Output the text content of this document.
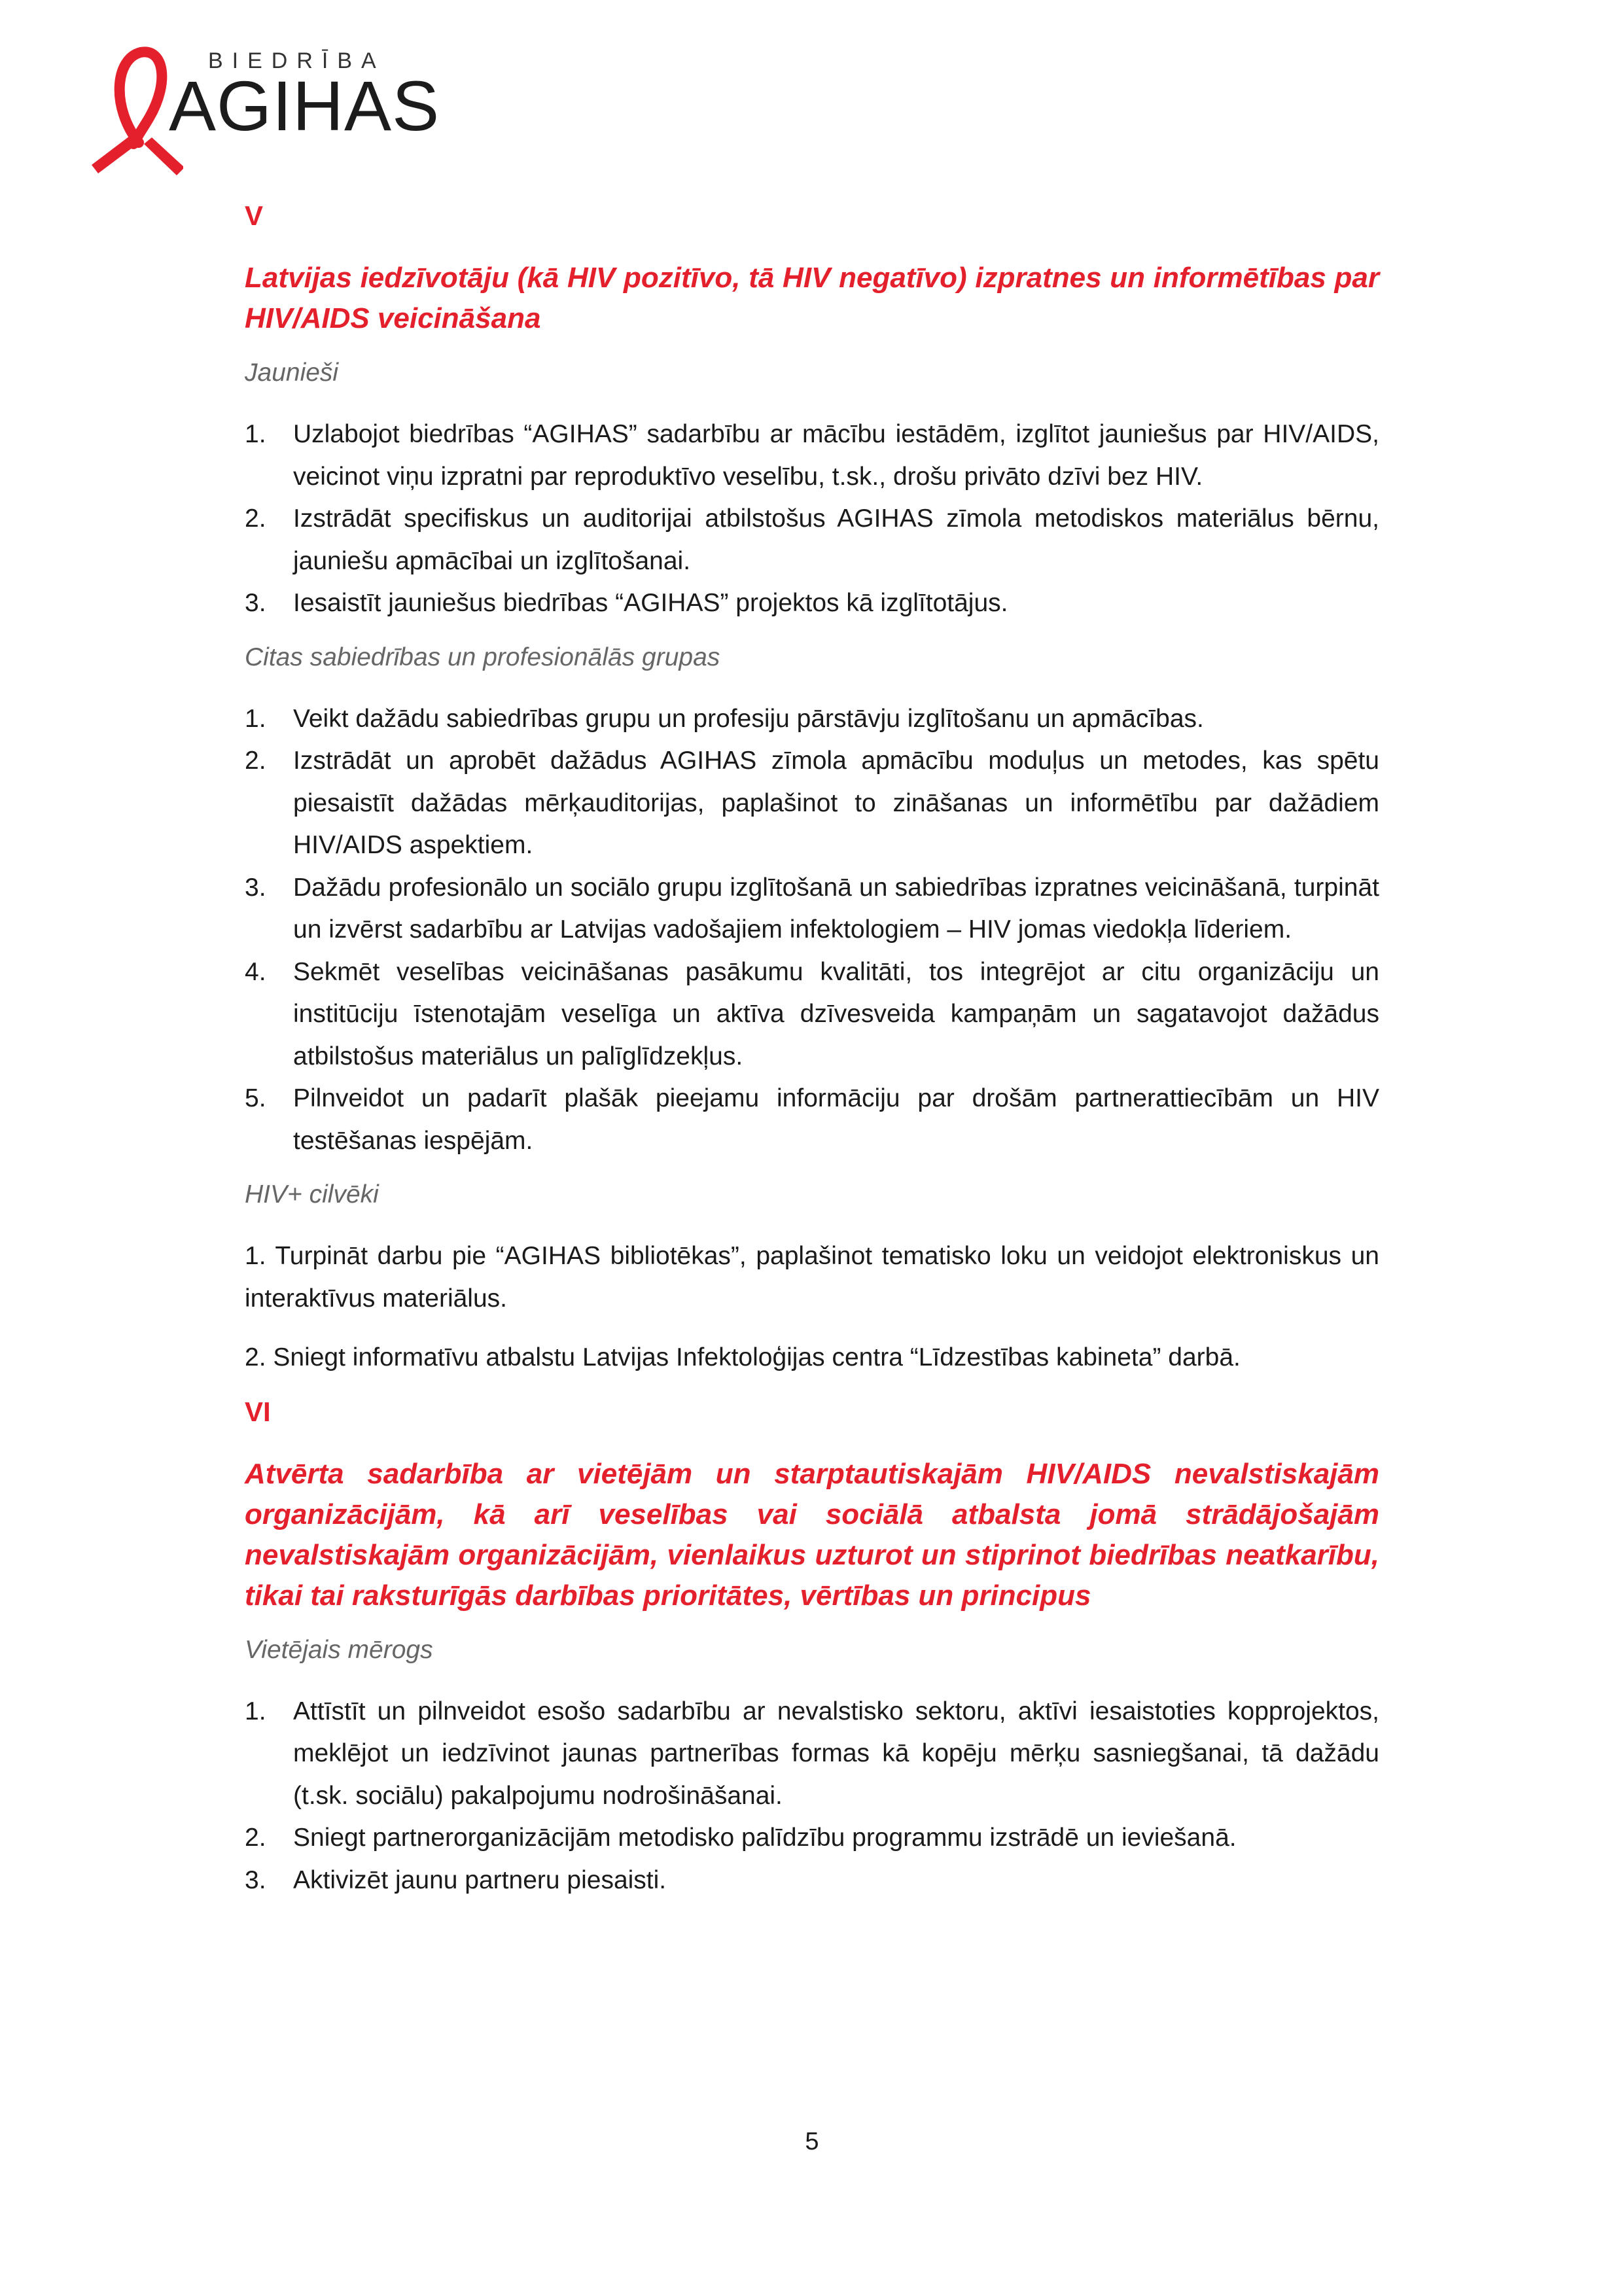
BIEDRĪBA
AGIHAS
V
Latvijas iedzīvotāju (kā HIV pozitīvo, tā HIV negatīvo) izpratnes un informētības par HIV/AIDS veicināšana
Jaunieši
1. Uzlabojot biedrības “AGIHAS” sadarbību ar mācību iestādēm, izglītot jauniešus par HIV/AIDS, veicinot viņu izpratni par reproduktīvo veselību, t.sk., drošu privāto dzīvi bez HIV.
2. Izstrādāt specifiskus un auditorijai atbilstošus AGIHAS zīmola metodiskos materiālus bērnu, jauniešu apmācībai un izglītošanai.
3. Iesaistīt jauniešus biedrības “AGIHAS” projektos kā izglītotājus.
Citas sabiedrības un profesionālās grupas
1. Veikt dažādu sabiedrības grupu un profesiju pārstāvju izglītošanu un apmācības.
2. Izstrādāt un aprobēt dažādus AGIHAS zīmola apmācību moduļus un metodes, kas spētu piesaistīt dažādas mērķauditorijas, paplašinot to zināšanas un informētību par dažādiem HIV/AIDS aspektiem.
3. Dažādu profesionālo un sociālo grupu izglītošanā un sabiedrības izpratnes veicināšanā, turpināt un izvērst sadarbību ar Latvijas vadošajiem infektologiem – HIV jomas viedokļa līderiem.
4. Sekmēt veselības veicināšanas pasākumu kvalitāti, tos integrējot ar citu organizāciju un institūciju īstenotajām veselīga un aktīva dzīvesveida kampaņām un sagatavojot dažādus atbilstošus materiālus un palīglīdzekļus.
5. Pilnveidot un padarīt plašāk pieejamu informāciju par drošām partnerattiecībām un HIV testēšanas iespējām.
HIV+ cilvēki

1. Turpināt darbu pie “AGIHAS bibliotēkas”, paplašinot tematisko loku un veidojot elektroniskus un interaktīvus materiālus.

2. Sniegt informatīvu atbalstu Latvijas Infektoloģijas centra “Līdzestības kabineta” darbā.

VI
Atvērta sadarbība ar vietējām un starptautiskajām HIV/AIDS nevalstiskajām organizācijām, kā arī veselības vai sociālā atbalsta jomā strādājošajām nevalstiskajām organizācijām, vienlaikus uzturot un stiprinot biedrības neatkarību, tikai tai raksturīgās darbības prioritātes, vērtības un principus
Vietējais mērogs
1. Attīstīt un pilnveidot esošo sadarbību ar nevalstisko sektoru, aktīvi iesaistoties kopprojektos, meklējot un iedzīvinot jaunas partnerības formas kā kopēju mērķu sasniegšanai, tā dažādu (t.sk. sociālu) pakalpojumu nodrošināšanai.
2. Sniegt partnerorganizācijām metodisko palīdzību programmu izstrādē un ieviešanā.
3. Aktivizēt jaunu partneru piesaisti.
5
